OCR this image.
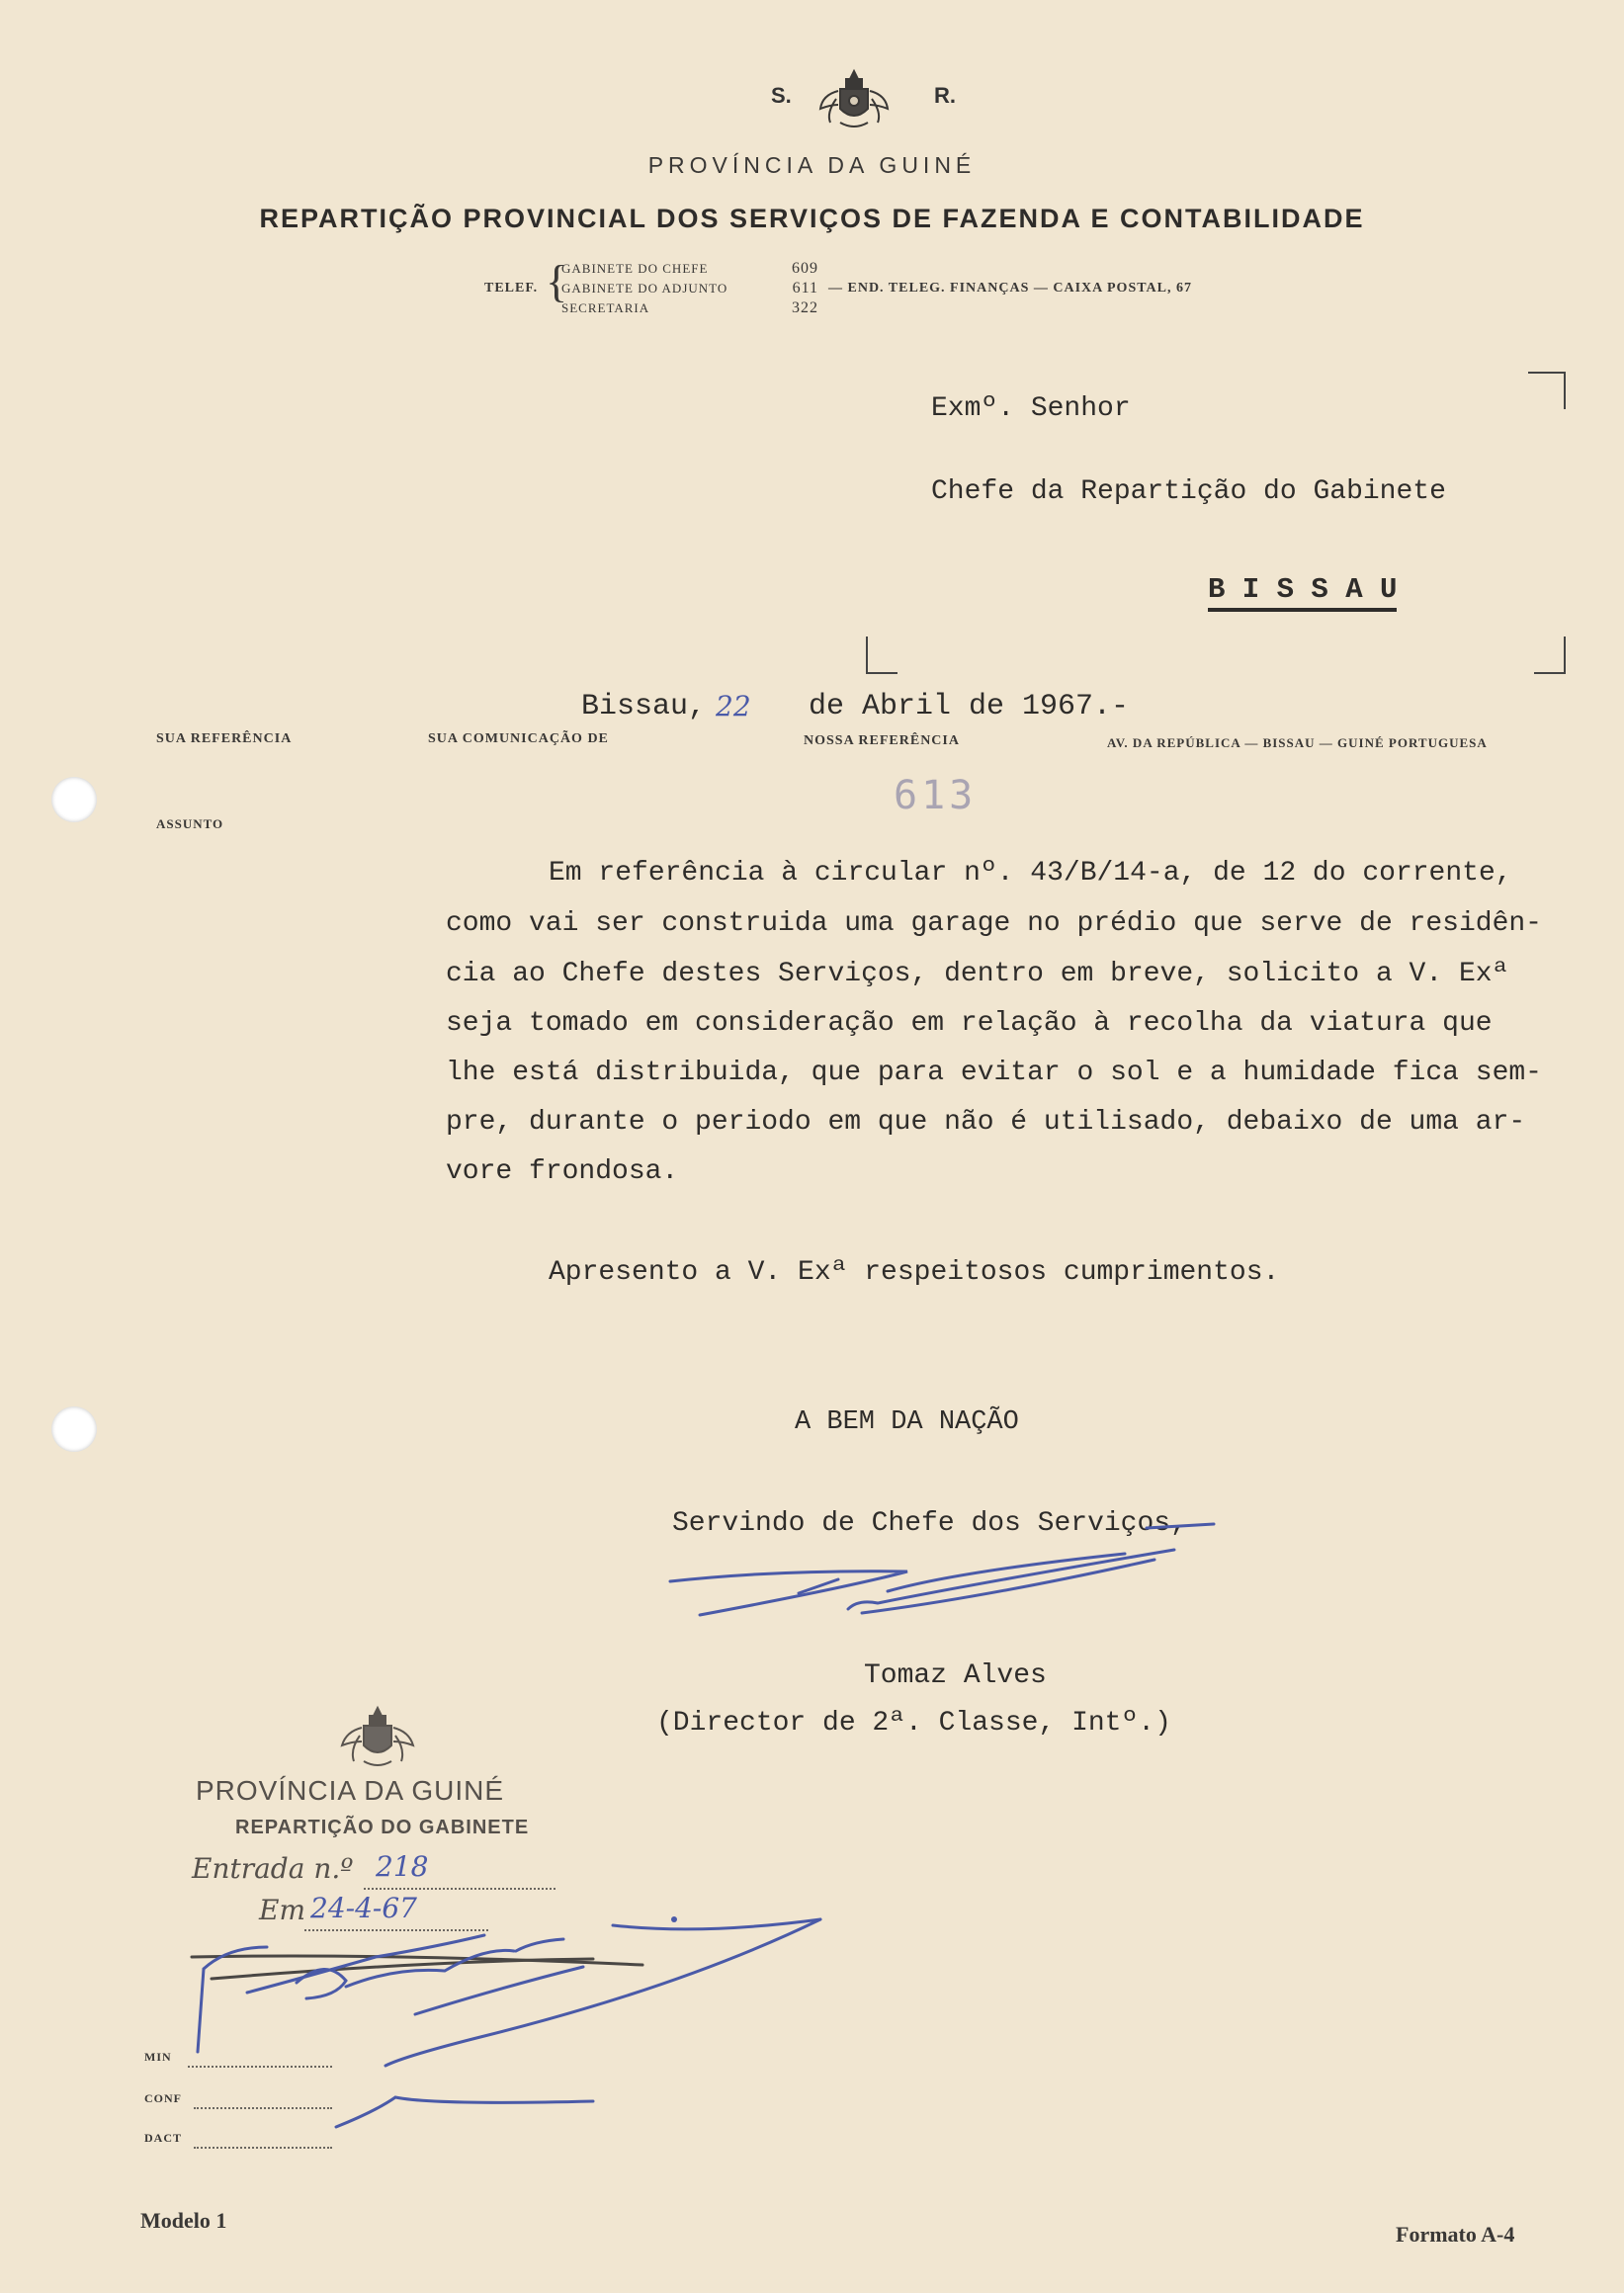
S.	R.
PROVÍNCIA DA GUINÉ
REPARTIÇÃO PROVINCIAL DOS SERVIÇOS DE FAZENDA E CONTABILIDADE
TELEF. {
GABINETE DO CHEFE	609
GABINETE DO ADJUNTO	611
SECRETARIA	322
— END. TELEG. FINANÇAS — CAIXA POSTAL, 67
Exmº. Senhor
Chefe da Repartição do Gabinete
B I S S A U
Bissau, 22 de Abril de 1967.-
SUA REFERÊNCIA	SUA COMUNICAÇÃO DE	NOSSA REFERÊNCIA	AV. DA REPÚBLICA — BISSAU — GUINÉ PORTUGUESA
ASSUNTO
613
Em referência à circular nº. 43/B/14-a, de 12 do corrente,
como vai ser construida uma garage no prédio que serve de residên-
cia ao Chefe destes Serviços, dentro em breve, solicito a V. Exª
seja tomado em consideração em relação à recolha da viatura que
lhe está distribuida, que para evitar o sol e a humidade fica sem-
pre, durante o periodo em que não é utilisado, debaixo de uma ar-
vore frondosa.
Apresento a V. Exª respeitosos cumprimentos.
A BEM DA NAÇÃO
Servindo de Chefe dos Serviços,
Tomaz Alves
(Director de 2ª. Classe, Intº.)
PROVÍNCIA DA GUINÉ
REPARTIÇÃO DO GABINETE
Entrada n.º 218
Em 24-4-67
MIN
CONF
DACT
Modelo 1
Formato A-4
